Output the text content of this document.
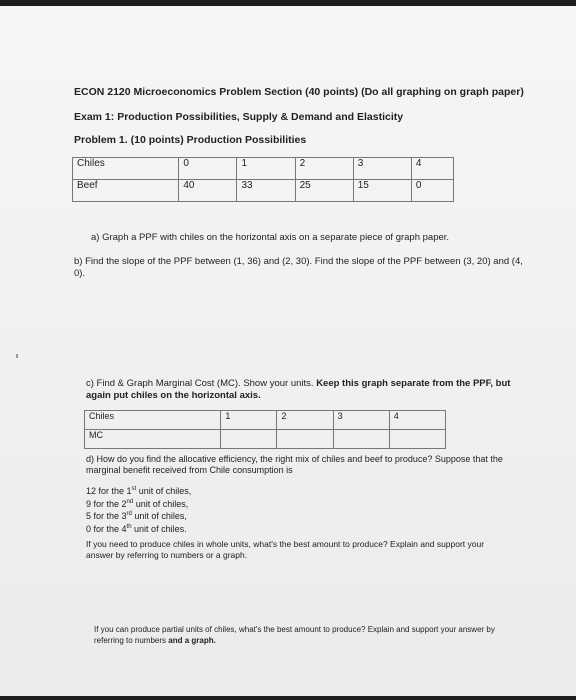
ECON 2120 Microeconomics Problem Section (40 points) (Do all graphing on graph paper)
Exam 1: Production Possibilities, Supply & Demand and Elasticity
Problem 1. (10 points) Production Possibilities
Chiles	0	1	2	3	4
Beef	40	33	25	15	0
a) Graph a PPF with chiles on the horizontal axis on a separate piece of graph paper.
b) Find the slope of the PPF between (1, 36) and (2, 30). Find the slope of the PPF between (3, 20) and (4, 0).
c) Find & Graph Marginal Cost (MC). Show your units. Keep this graph separate from the PPF, but again put chiles on the horizontal axis.
Chiles	1	2	3	4
MC				
d) How do you find the allocative efficiency, the right mix of chiles and beef to produce? Suppose that the marginal benefit received from Chile consumption is
12 for the 1st unit of chiles,
9 for the 2nd unit of chiles,
5 for the 3rd unit of chiles,
0 for the 4th unit of chiles.
If you need to produce chiles in whole units, what's the best amount to produce? Explain and support your answer by referring to numbers or a graph.
If you can produce partial units of chiles, what's the best amount to produce? Explain and support your answer by referring to numbers and a graph.
